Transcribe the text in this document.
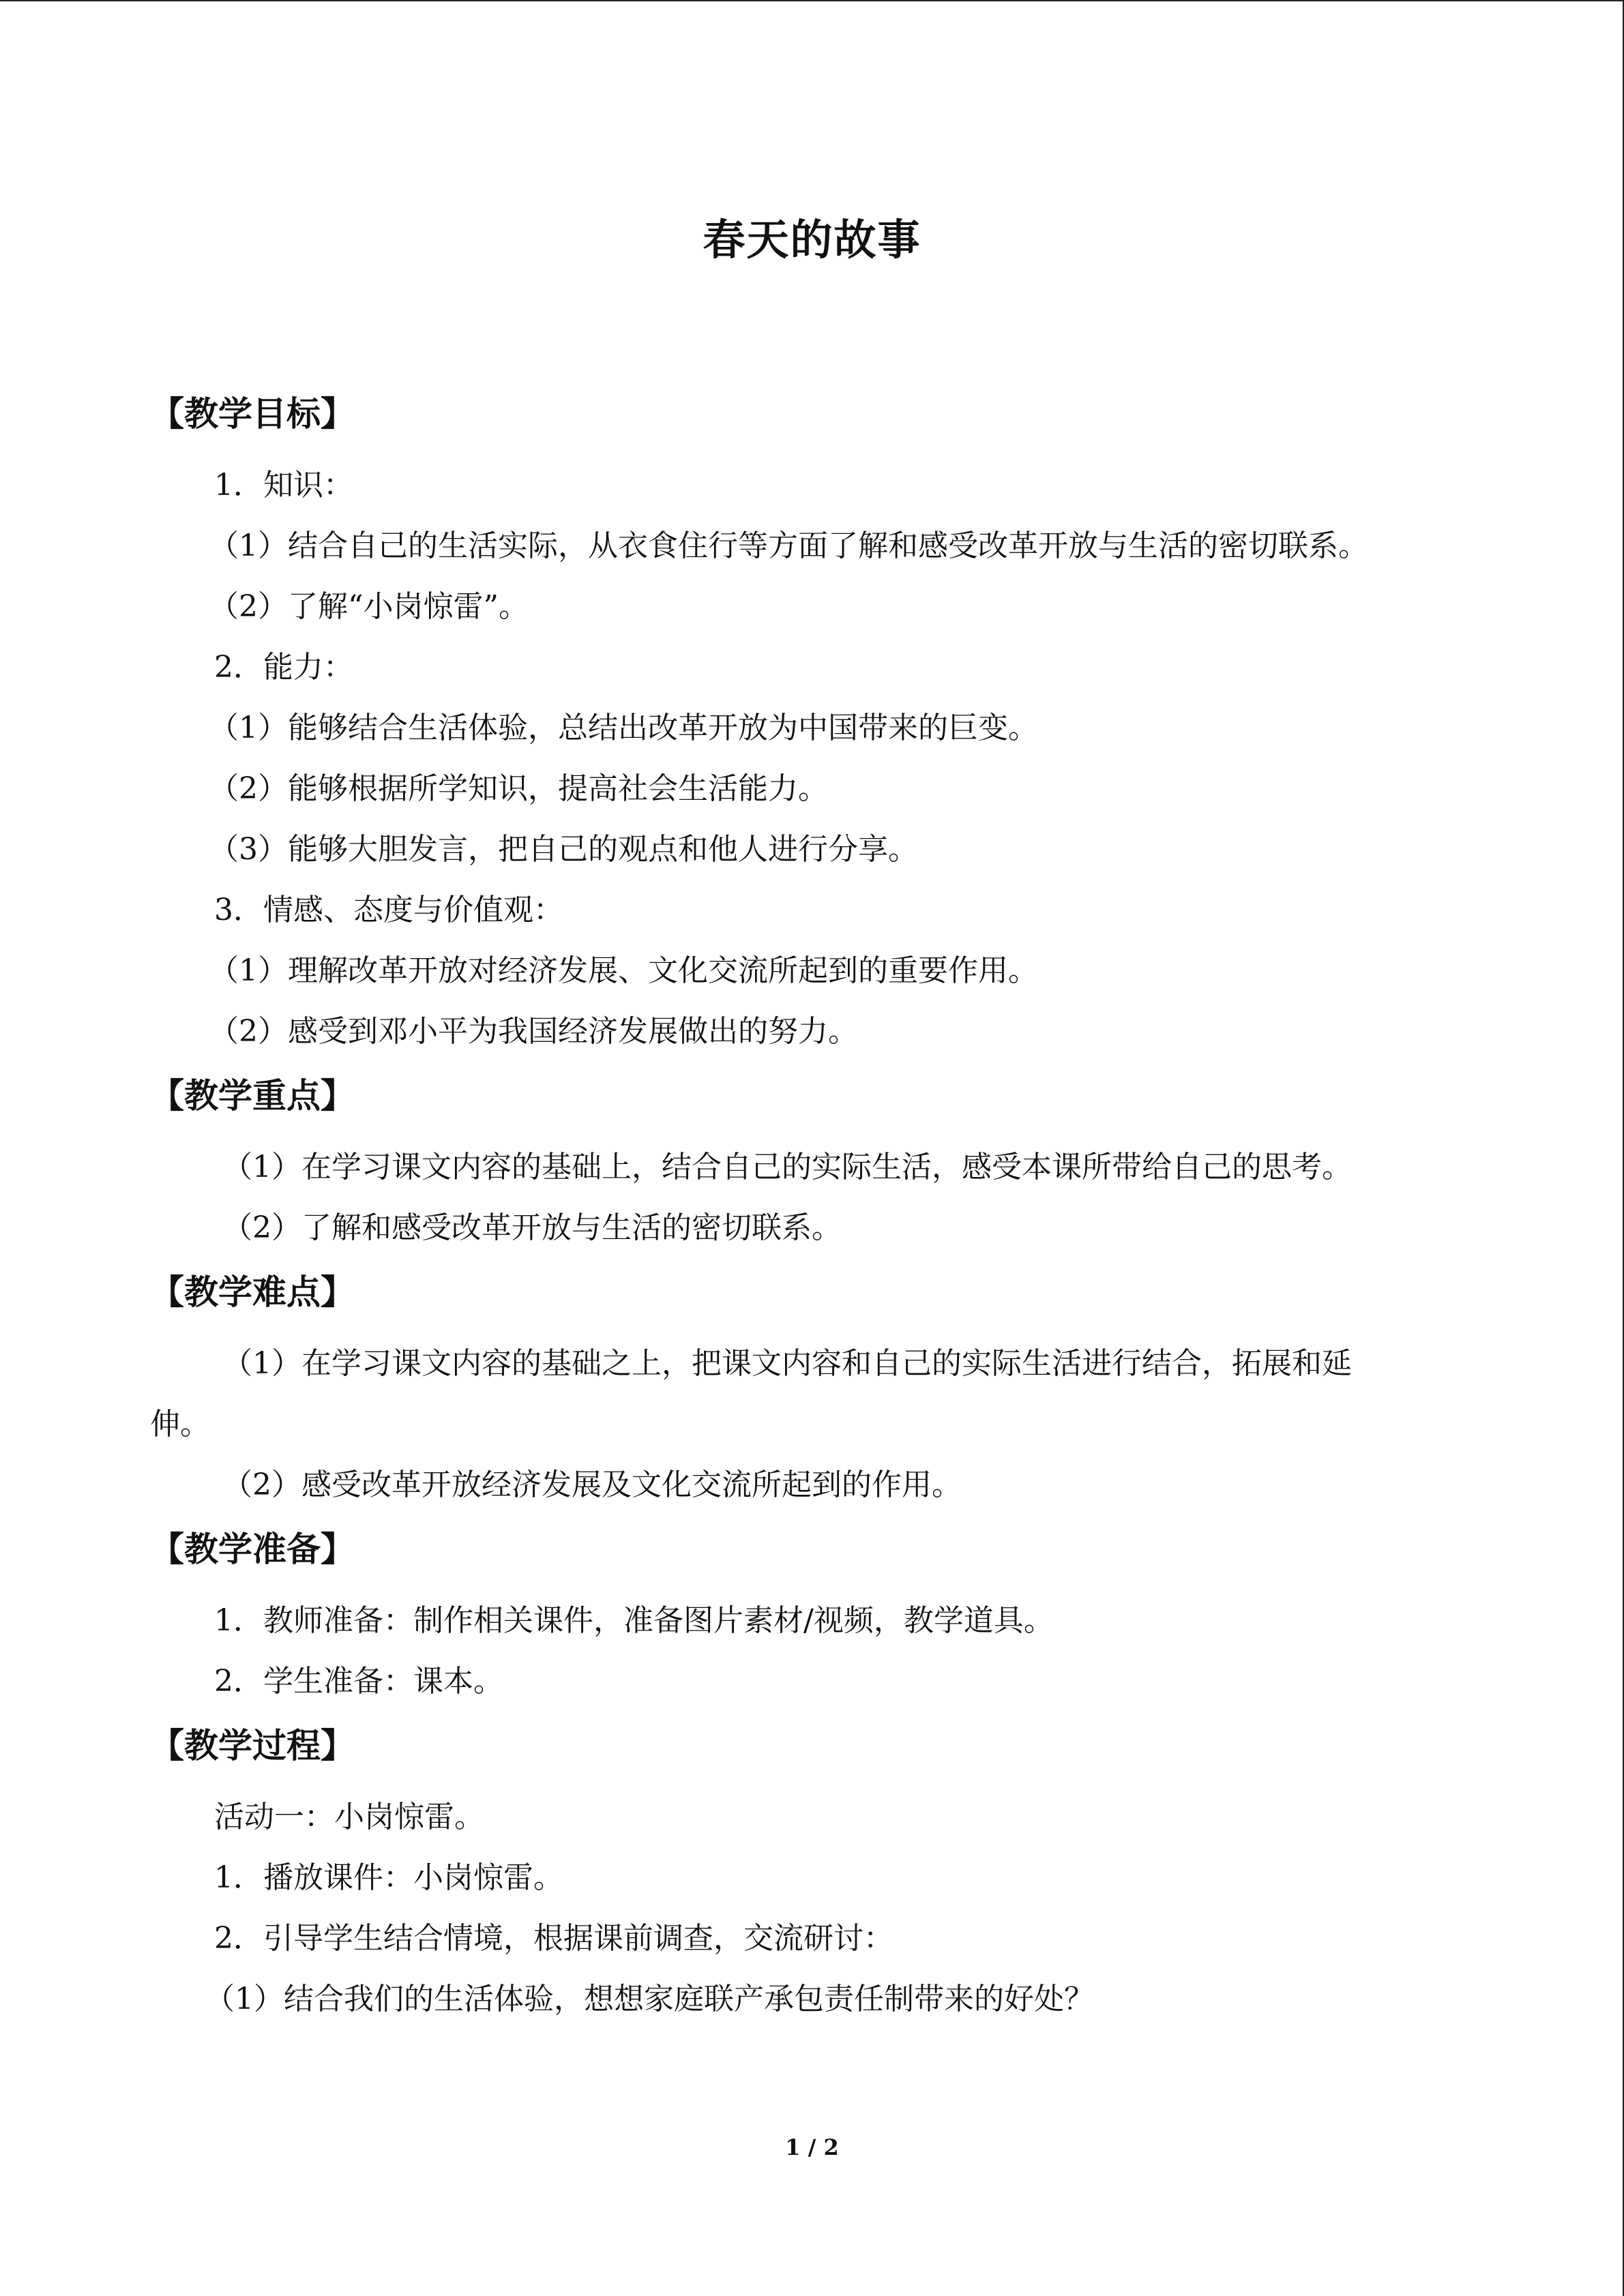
春天的故事
【教学目标】
1．知识：
（1）结合自己的生活实际，从衣食住行等方面了解和感受改革开放与生活的密切联系。
（2）了解“小岗惊雷”。
2．能力：
（1）能够结合生活体验，总结出改革开放为中国带来的巨变。
（2）能够根据所学知识，提高社会生活能力。
（3）能够大胆发言，把自己的观点和他人进行分享。
3．情感、态度与价值观：
（1）理解改革开放对经济发展、文化交流所起到的重要作用。
（2）感受到邓小平为我国经济发展做出的努力。
【教学重点】
（1）在学习课文内容的基础上，结合自己的实际生活，感受本课所带给自己的思考。
（2）了解和感受改革开放与生活的密切联系。
【教学难点】
（1）在学习课文内容的基础之上，把课文内容和自己的实际生活进行结合，拓展和延
伸。
（2）感受改革开放经济发展及文化交流所起到的作用。
【教学准备】
1．教师准备：制作相关课件，准备图片素材/视频，教学道具。
2．学生准备：课本。
【教学过程】
活动一：小岗惊雷。
1．播放课件：小岗惊雷。
2．引导学生结合情境，根据课前调查，交流研讨：
（1）结合我们的生活体验，想想家庭联产承包责任制带来的好处？
1 / 2
